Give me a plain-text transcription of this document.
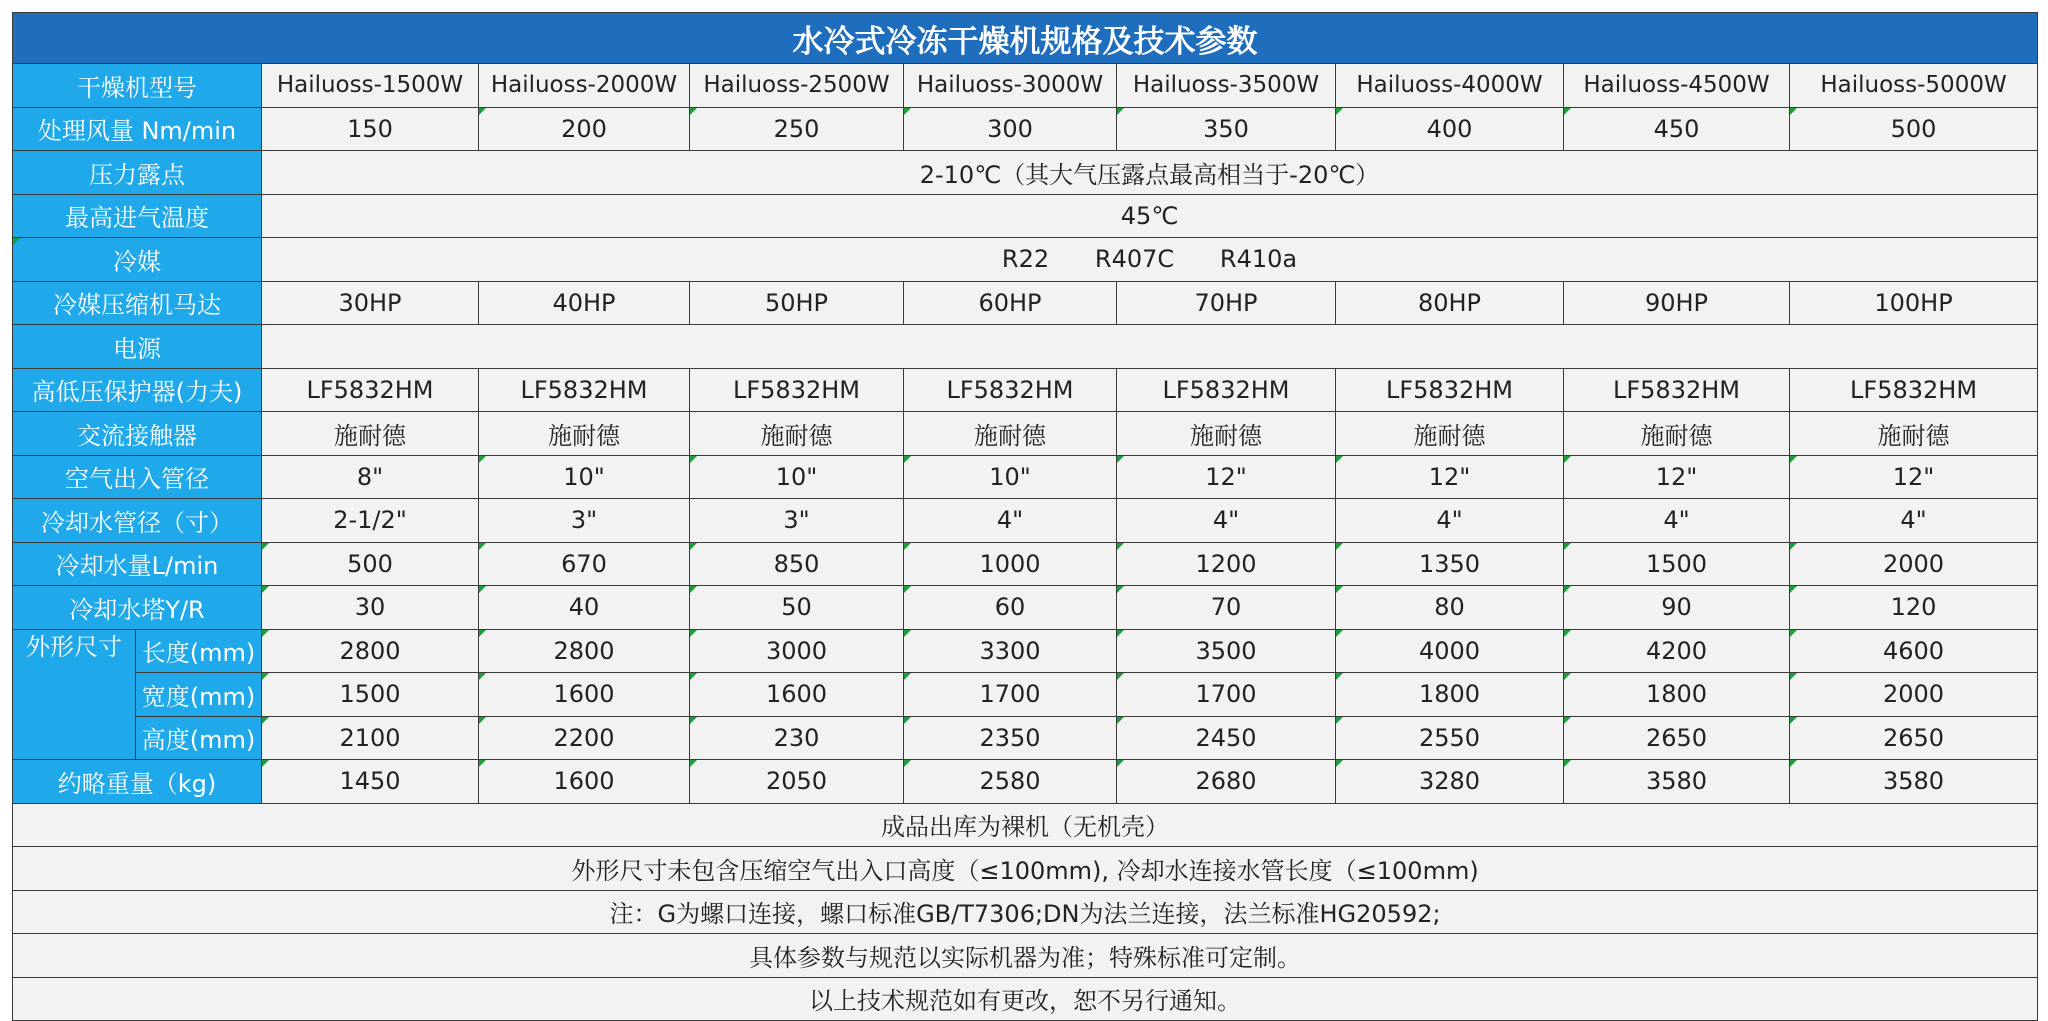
水冷式冷冻干燥机规格及技术参数									
干燥机型号		Hailuoss-1500W	Hailuoss-2000W	Hailuoss-2500W	Hailuoss-3000W	Hailuoss-3500W	Hailuoss-4000W	Hailuoss-4500W	Hailuoss-5000W
处理风量 Nm/min		150	200	250	300	350	400	450	500
压力露点		2-10℃（其大气压露点最高相当于-20℃）							
最高进气温度		45℃							
冷媒		R22      R407C      R410a							
冷媒压缩机马达		30HP	40HP	50HP	60HP	70HP	80HP	90HP	100HP
电源									
高低压保护器(力夫)		LF5832HM	LF5832HM	LF5832HM	LF5832HM	LF5832HM	LF5832HM	LF5832HM	LF5832HM
交流接触器		施耐德	施耐德	施耐德	施耐德	施耐德	施耐德	施耐德	施耐德
空气出入管径		8"	10"	10"	10"	12"	12"	12"	12"
冷却水管径（寸）		2-1/2"	3"	3"	4"	4"	4"	4"	4"
冷却水量L/min		500	670	850	1000	1200	1350	1500	2000
冷却水塔Y/R		30	40	50	60	70	80	90	120

外形尺寸	长度(mm)	2800	2800	3000	3300	3500	4000	4200	4600
	宽度(mm)	1500	1600	1600	1700	1700	1800	1800	2000
	高度(mm)	2100	2200	230	2350	2450	2550	2650	2650
约略重量（kg)		1450	1600	2050	2580	2680	3280	3580	3580
成品出库为裸机（无机壳）									
外形尺寸未包含压缩空气出入口高度（≤100mm), 冷却水连接水管长度（≤100mm)									
注：G为螺口连接，螺口标准GB/T7306;DN为法兰连接，法兰标准HG20592;									
具体参数与规范以实际机器为准；特殊标准可定制。									
以上技术规范如有更改，恕不另行通知。									
